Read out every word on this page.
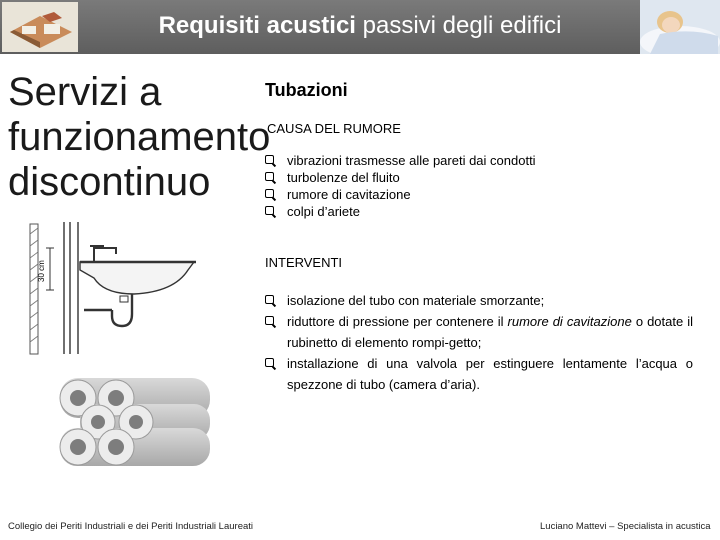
Requisiti acustici passivi degli edifici
Servizi a
funzionamento
discontinuo
Tubazioni
CAUSA DEL RUMORE
vibrazioni trasmesse alle pareti dai condotti
turbolenze del fluito
rumore di cavitazione
colpi d’ariete
INTERVENTI
isolazione del tubo con materiale smorzante;
riduttore di pressione per contenere il rumore di cavitazione o dotate il rubinetto di elemento rompi-getto;
installazione di una valvola per estinguere lentamente l’acqua o spezzone di tubo (camera d’aria).
30 cm
Collegio dei Periti Industriali e dei Periti Industriali Laureati	Luciano Mattevi – Specialista in acustica
